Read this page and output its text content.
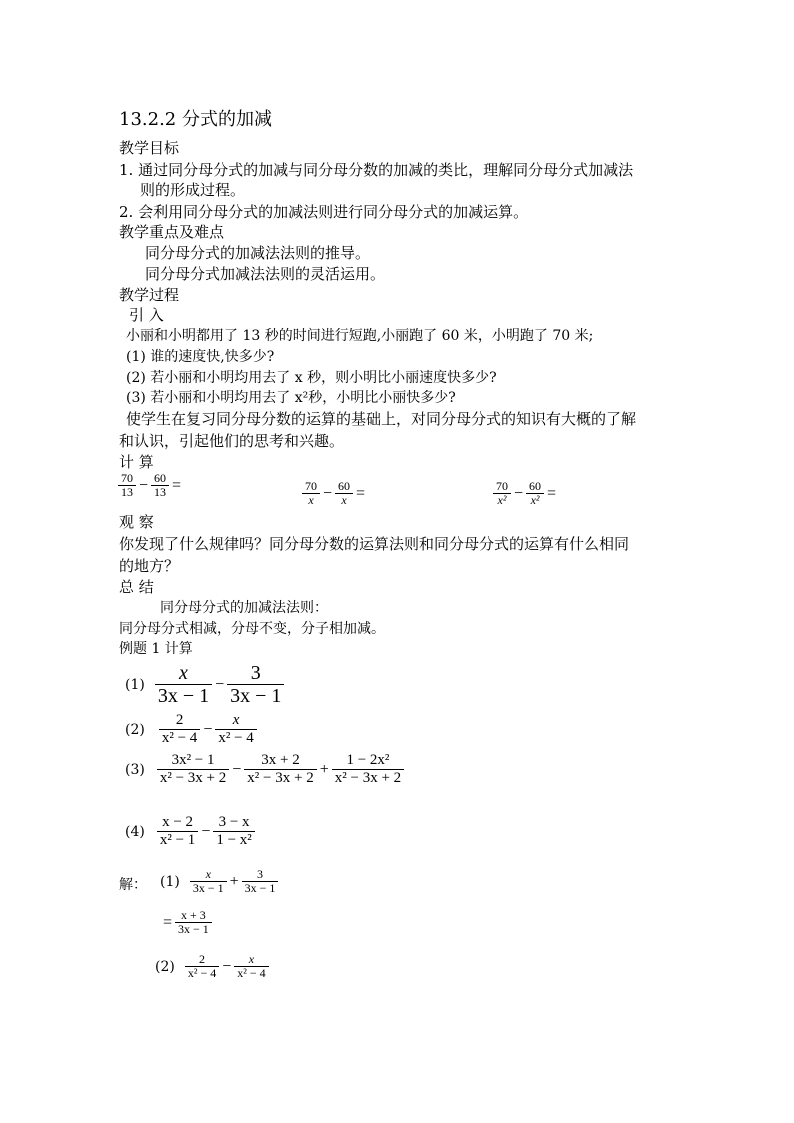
13.2.2 分式的加减
教学目标
1. 通过同分母分式的加减与同分母分数的加减的类比，理解同分母分式加减法
则的形成过程。
2. 会利用同分母分式的加减法则进行同分母分式的加减运算。
教学重点及难点
同分母分式的加减法法则的推导。
同分母分式加减法法则的灵活运用。
教学过程
引 入
小丽和小明都用了 13 秒的时间进行短跑,小丽跑了 60 米，小明跑了 70 米;
(1) 谁的速度快,快多少?
(2) 若小丽和小明均用去了 x 秒，则小明比小丽速度快多少?
(3) 若小丽和小明均用去了 x²秒，小明比小丽快多少?
使学生在复习同分母分数的运算的基础上，对同分母分式的知识有大概的了解
和认识，引起他们的思考和兴趣。
计 算
$\frac{70}{13} - \frac{60}{13}$ =	$\frac{70}{x} - \frac{60}{x}$ =	$\frac{70}{\text{x²}} - \frac{60}{\text{x²}}$ =
观 察
你发现了什么规律吗？同分母分数的运算法则和同分母分式的运算有什么相同
的地方？
总 结
同分母分式的加减法法则：
同分母分式相减，分母不变，分子相加减。
例题 1 计算
$(1) \frac{x}{3x - 1} - \frac{3}{3x - 1}$
$(2) \frac{2}{\text{x² − 4}} - \frac{x}{\text{x² − 4}}$
$(3) \frac{\text{3x² − 1}}{\text{x² − 3x + 2}} - \frac{3x + 2}{\text{x² − 3x + 2}} + \frac{\text{1 − 2x²}}{\text{x² − 3x + 2}}$
$(4) \frac{x - 2}{\text{x² − 1}} - \frac{3 - x}{\text{1 − x²}}$
解： $(1) \frac{x}{3x - 1} + \frac{3}{3x - 1}$
= $\frac{x + 3}{3x - 1}$
$(2) \frac{2}{\text{x² − 4}} - \frac{x}{\text{x² − 4}}$
